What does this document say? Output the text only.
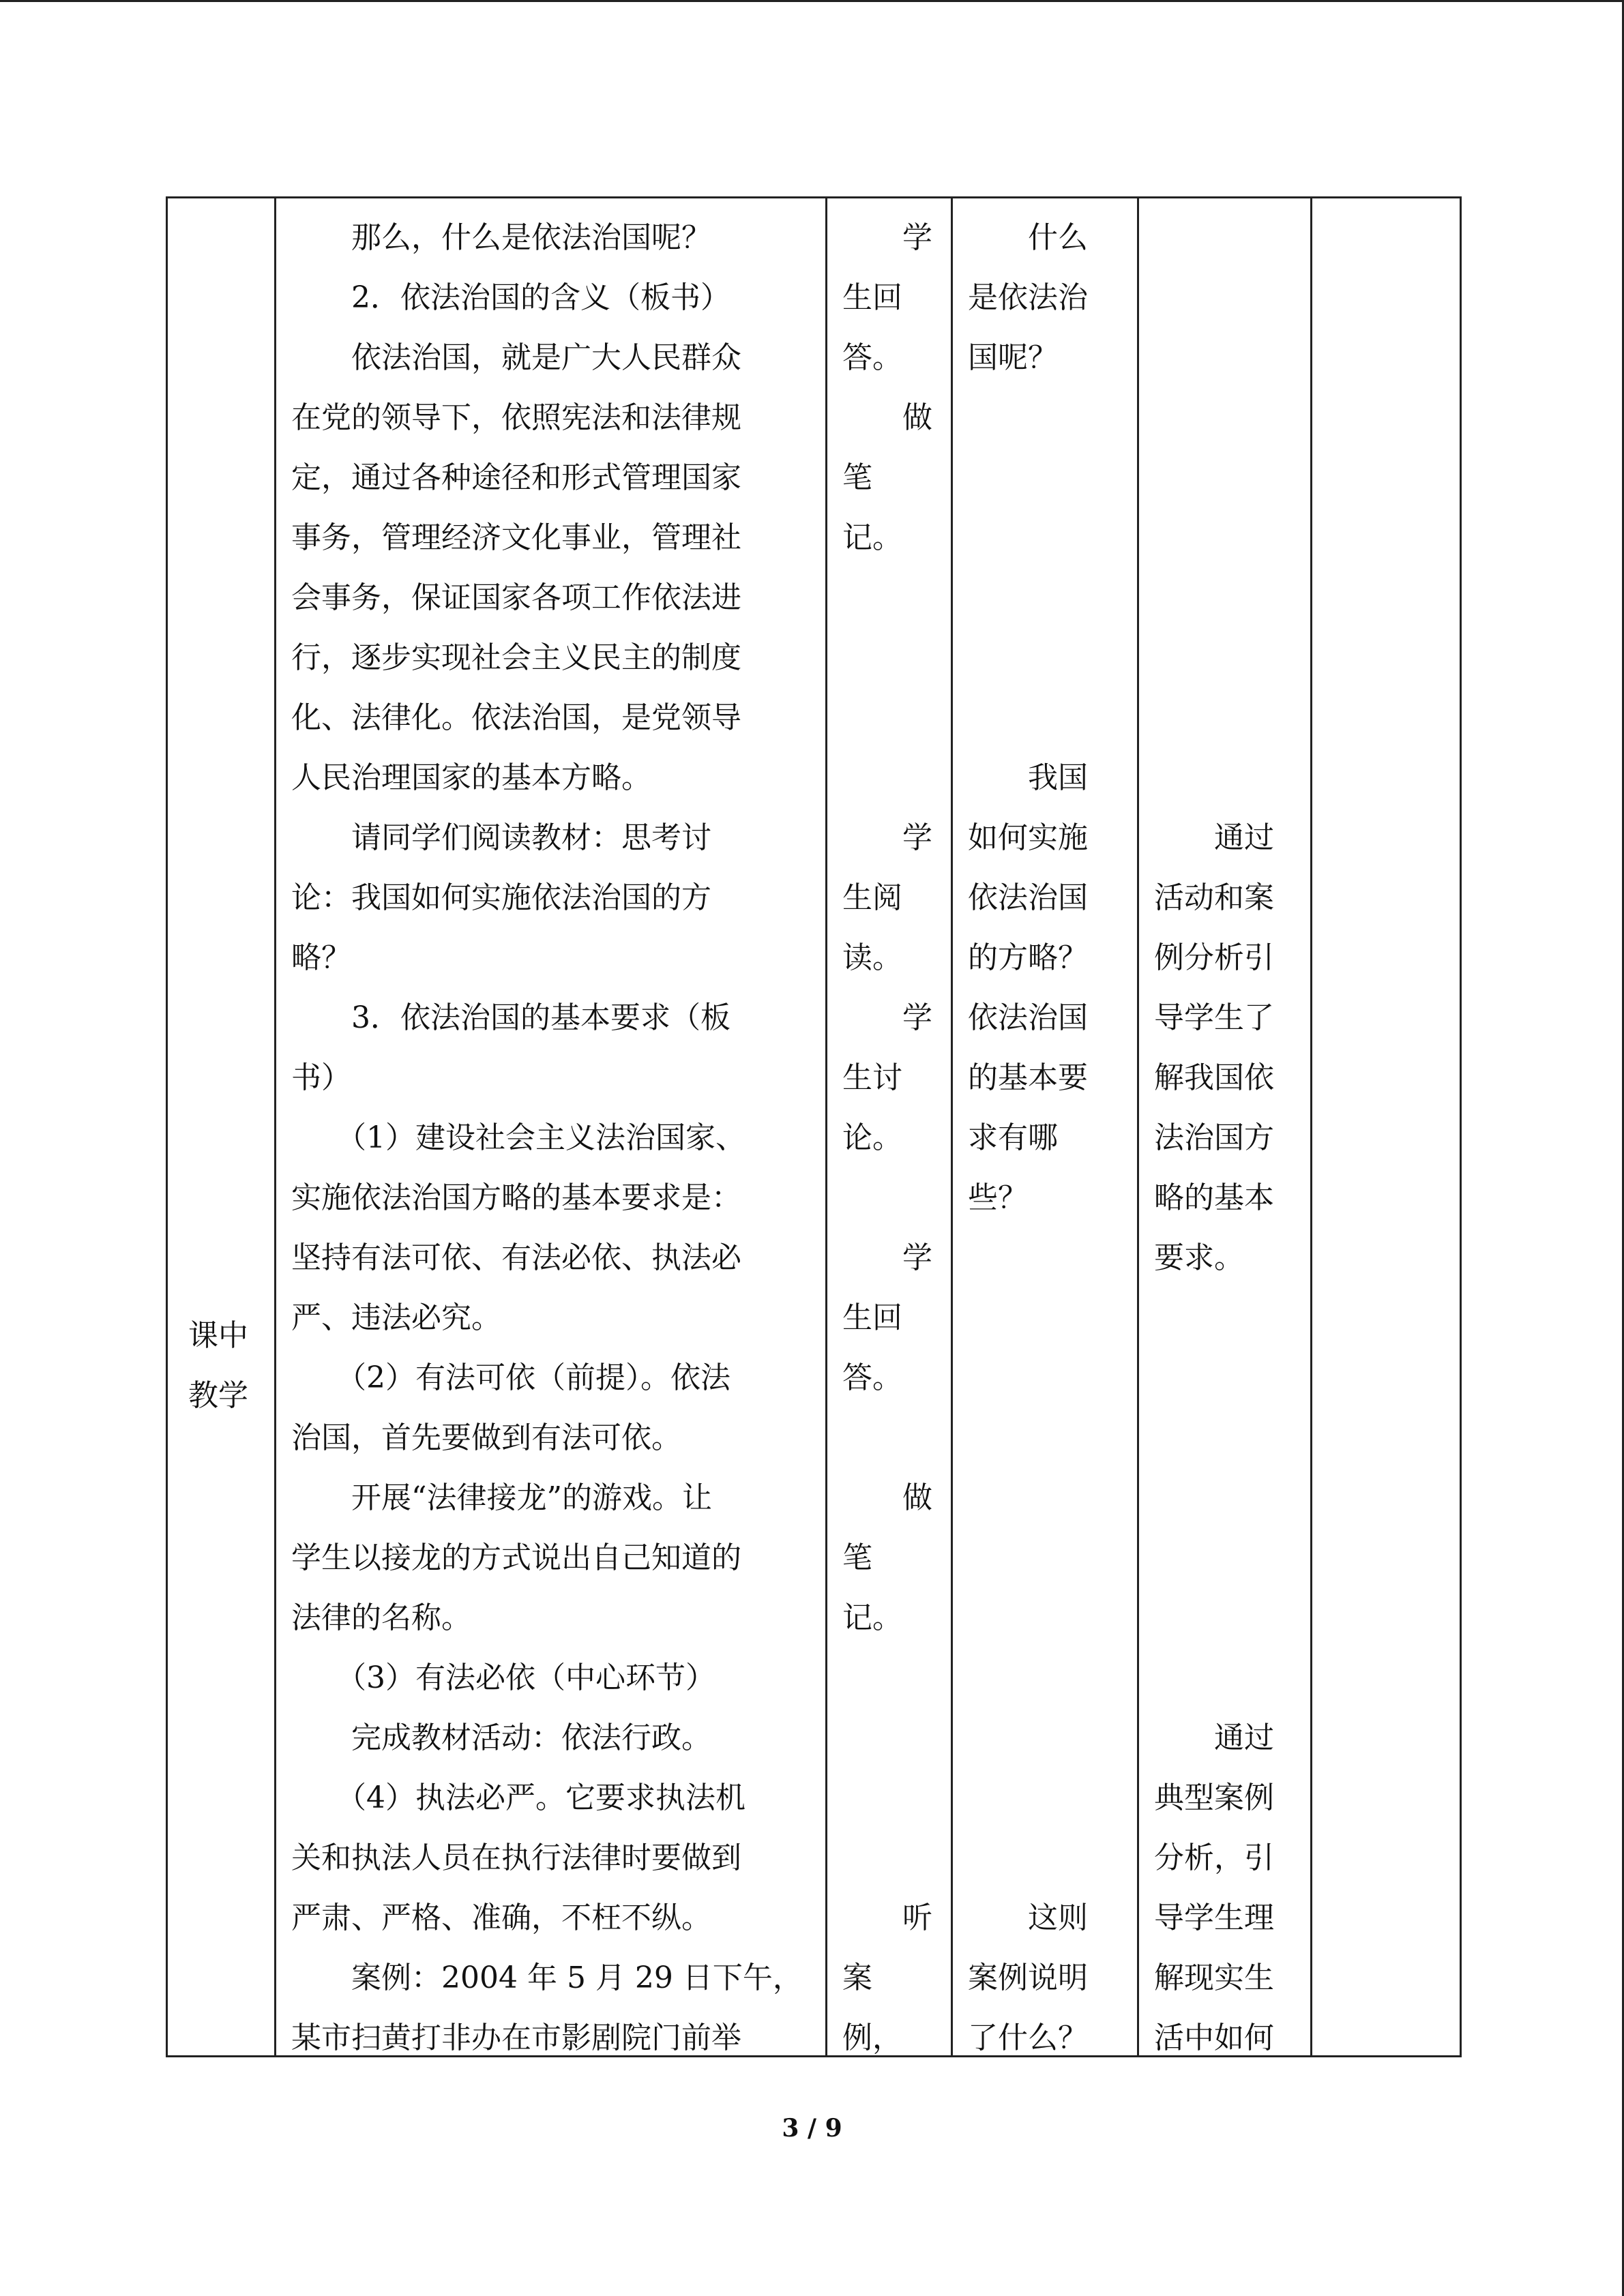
课中
教学
那么，什么是依法治国呢？
2．依法治国的含义（板书）
依法治国，就是广大人民群众
在党的领导下，依照宪法和法律规
定，通过各种途径和形式管理国家
事务，管理经济文化事业，管理社
会事务，保证国家各项工作依法进
行，逐步实现社会主义民主的制度
化、法律化。依法治国，是党领导
人民治理国家的基本方略。
请同学们阅读教材：思考讨
论：我国如何实施依法治国的方
略？
3．依法治国的基本要求（板
书）
（1）建设社会主义法治国家、
实施依法治国方略的基本要求是：
坚持有法可依、有法必依、执法必
严、违法必究。
（2）有法可依（前提）。依法
治国，首先要做到有法可依。
开展“法律接龙”的游戏。让
学生以接龙的方式说出自己知道的
法律的名称。
（3）有法必依（中心环节）
完成教材活动：依法行政。
（4）执法必严。它要求执法机
关和执法人员在执行法律时要做到
严肃、严格、准确，不枉不纵。
案例：2004 年 5 月 29 日下午，
某市扫黄打非办在市影剧院门前举
学
生回
答。
做
笔
记。
学
生阅
读。
学
生讨
论。
学
生回
答。
做
笔
记。
听
案
例，
什么
是依法治
国呢？
我国
如何实施
依法治国
的方略？
依法治国
的基本要
求有哪
些？
这则
案例说明
了什么？
通过
活动和案
例分析引
导学生了
解我国依
法治国方
略的基本
要求。
通过
典型案例
分析，引
导学生理
解现实生
活中如何
3 / 9
